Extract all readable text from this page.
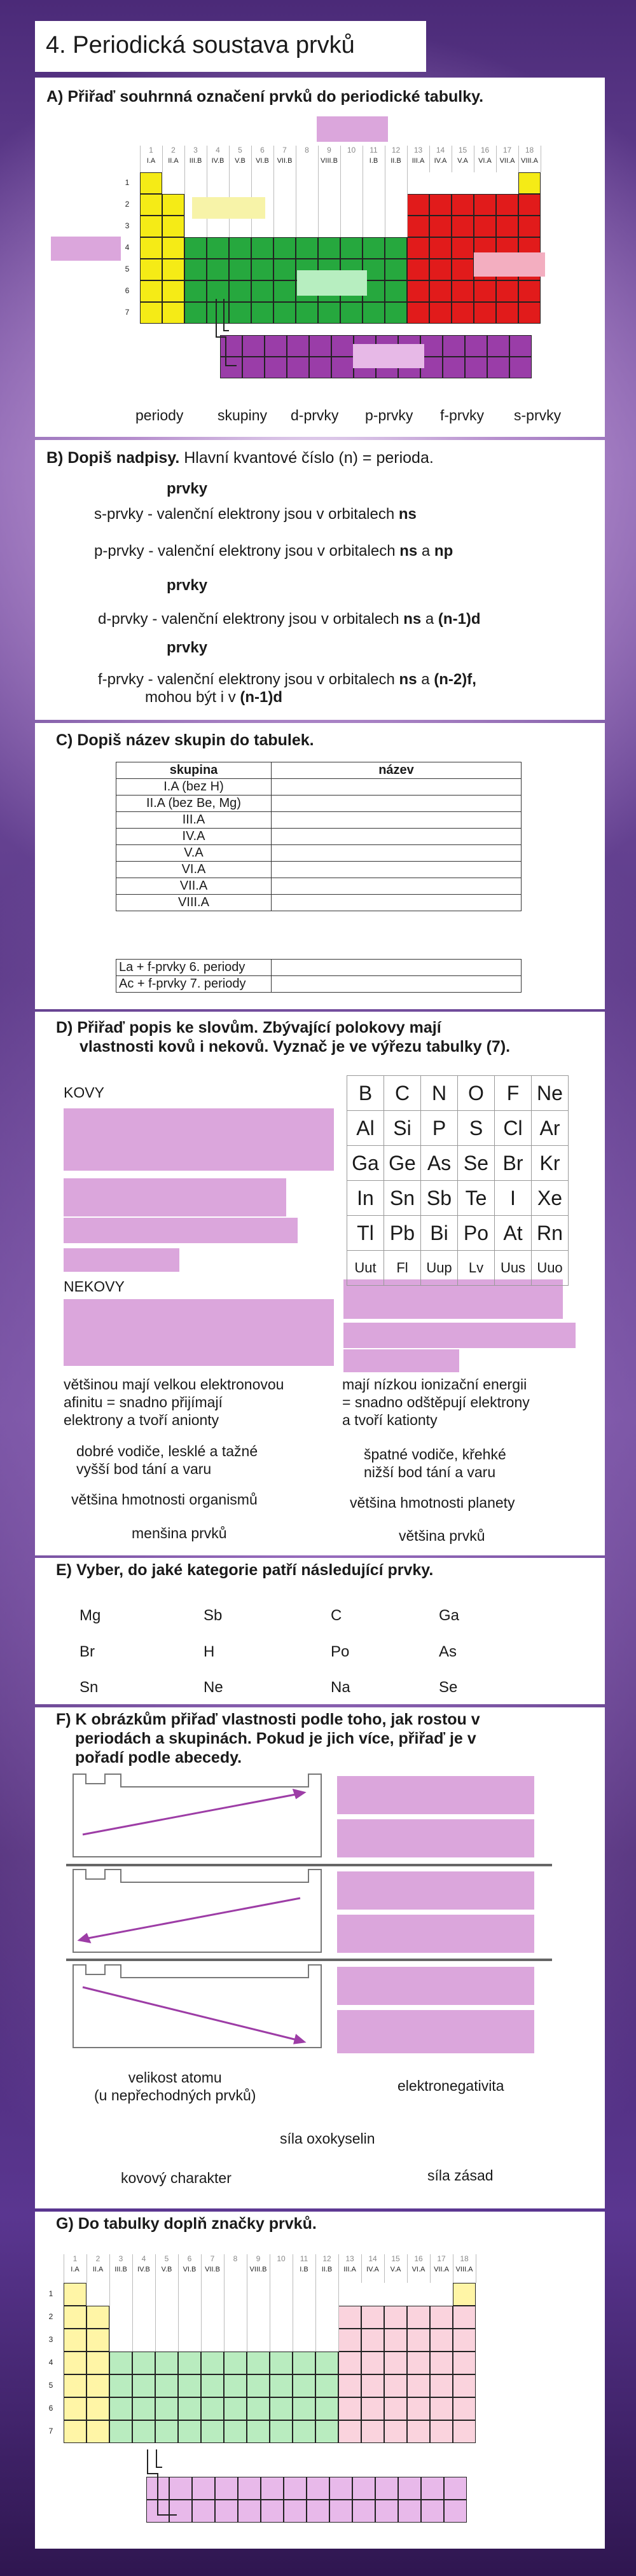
4. Periodická soustava prvků
A) Přiřaď souhrnná označení prvků do periodické tabulky.
1	2	3	4	5	6	7	8	9	10	11	12	13	14	15	16	17	18
I.A	II.A	III.B	IV.B	V.B	VI.B	VII.B	VIII.B	I.B	II.B	III.A	IV.A	V.A	VI.A	VII.A VIII.A
1
2
3
4
5
6
7
periody skupiny d-prvky p-prvky f-prvky s-prvky
B) Dopiš nadpisy. Hlavní kvantové číslo (n) = perioda.
prvky
s-prvky - valenční elektrony jsou v orbitalech ns
p-prvky - valenční elektrony jsou v orbitalech ns a np
prvky
d-prvky - valenční elektrony jsou v orbitalech ns a (n-1)d
prvky
f-prvky - valenční elektrony jsou v orbitalech ns a (n-2)f,
mohou být i v (n-1)d
C) Dopiš název skupin do tabulek.
skupina	název
I.A (bez H)	
II.A (bez Be, Mg)	
III.A	
IV.A	
V.A	
VI.A	
VII.A	
VIII.A	
La + f-prvky 6. periody	
Ac + f-prvky 7. periody	
D) Přiřaď popis ke slovům. Zbývající polokovy mají
vlastnosti kovů i nekovů. Vyznač je ve výřezu tabulky (7).
KOVY
NEKOVY
B	C	N	O	F	Ne
Al	Si	P	S	Cl	Ar
Ga	Ge	As	Se	Br	Kr
In	Sn	Sb	Te	I	Xe
Tl	Pb	Bi	Po	At	Rn
Uut	Fl	Uup	Lv	Uus	Uuo
většinou mají velkou elektronovou
afinitu = snadno přijímají
elektrony a tvoří anionty
mají nízkou ionizační energii
= snadno odštěpují elektrony
a tvoří kationty
dobré vodiče, lesklé a tažné
vyšší bod tání a varu
špatné vodiče, křehké
nižší bod tání a varu
většina hmotnosti organismů	většina hmotnosti planety
menšina prvků	většina prvků
E) Vyber, do jaké kategorie patří následující prvky.
Mg	Sb	C	Ga
Br	H	Po	As
Sn	Ne	Na	Se
F) K obrázkům přiřaď vlastnosti podle toho, jak rostou v
periodách a skupinách. Pokud je jich více, přiřaď je v
pořadí podle abecedy.
velikost atomu
(u nepřechodných prvků)
elektronegativita
síla oxokyselin
kovový charakter	síla zásad
G) Do tabulky doplň značky prvků.
1	2	3	4	5	6	7	8	9	10	11	12	13	14	15	16	17	18
I.A	II.A	III.B	IV.B	V.B	VI.B	VII.B	VIII.B	I.B	II.B	III.A	IV.A	V.A	VI.A	VII.A VIII.A
1
2
3
4
5
6
7
